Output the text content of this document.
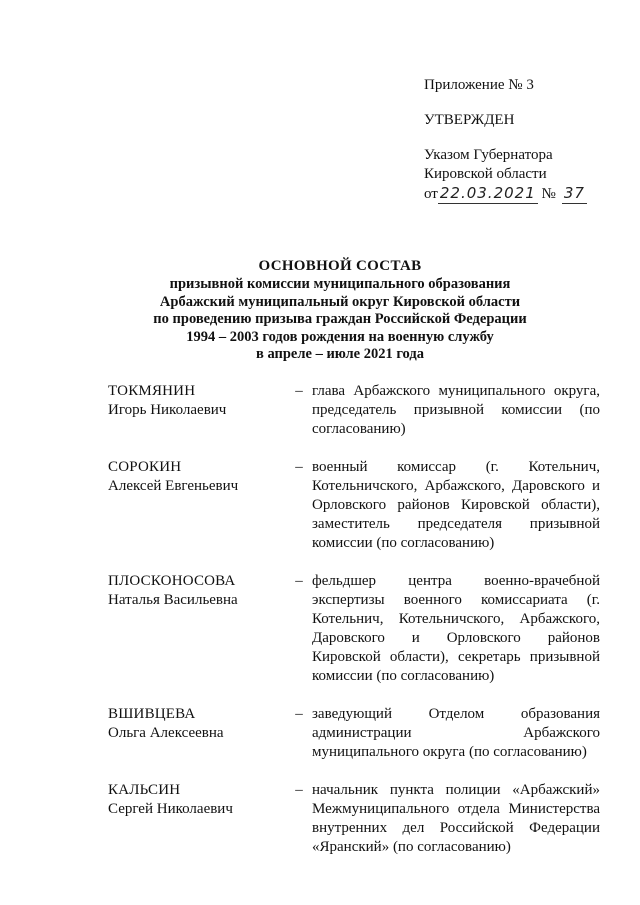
Приложение № 3
УТВЕРЖДЕН
Указом Губернатора
Кировской области
от 22.03.2021 № 37
ОСНОВНОЙ СОСТАВ
призывной комиссии муниципального образования
Арбажский муниципальный округ Кировской области
по проведению призыва граждан Российской Федерации
1994 – 2003 годов рождения на военную службу
в апреле – июле 2021 года
ТОКМЯНИН
Игорь Николаевич
– глава Арбажского муниципального округа, председатель призывной комиссии (по согласованию)
СОРОКИН
Алексей Евгеньевич
– военный комиссар (г. Котельнич, Котельничского, Арбажского, Даровского и Орловского районов Кировской области), заместитель председателя призывной комиссии (по согласованию)
ПЛОСКОНОСОВА
Наталья Васильевна
– фельдшер центра военно-врачебной экспертизы военного комиссариата (г. Котельнич, Котельничского, Арбажского, Даровского и Орловского районов Кировской области), секретарь призывной комиссии (по согласованию)
ВШИВЦЕВА
Ольга Алексеевна
– заведующий Отделом образования администрации Арбажского муниципального округа (по согласованию)
КАЛЬСИН
Сергей Николаевич
– начальник пункта полиции «Арбажский» Межмуниципального отдела Министерства внутренних дел Российской Федерации «Яранский» (по согласованию)
